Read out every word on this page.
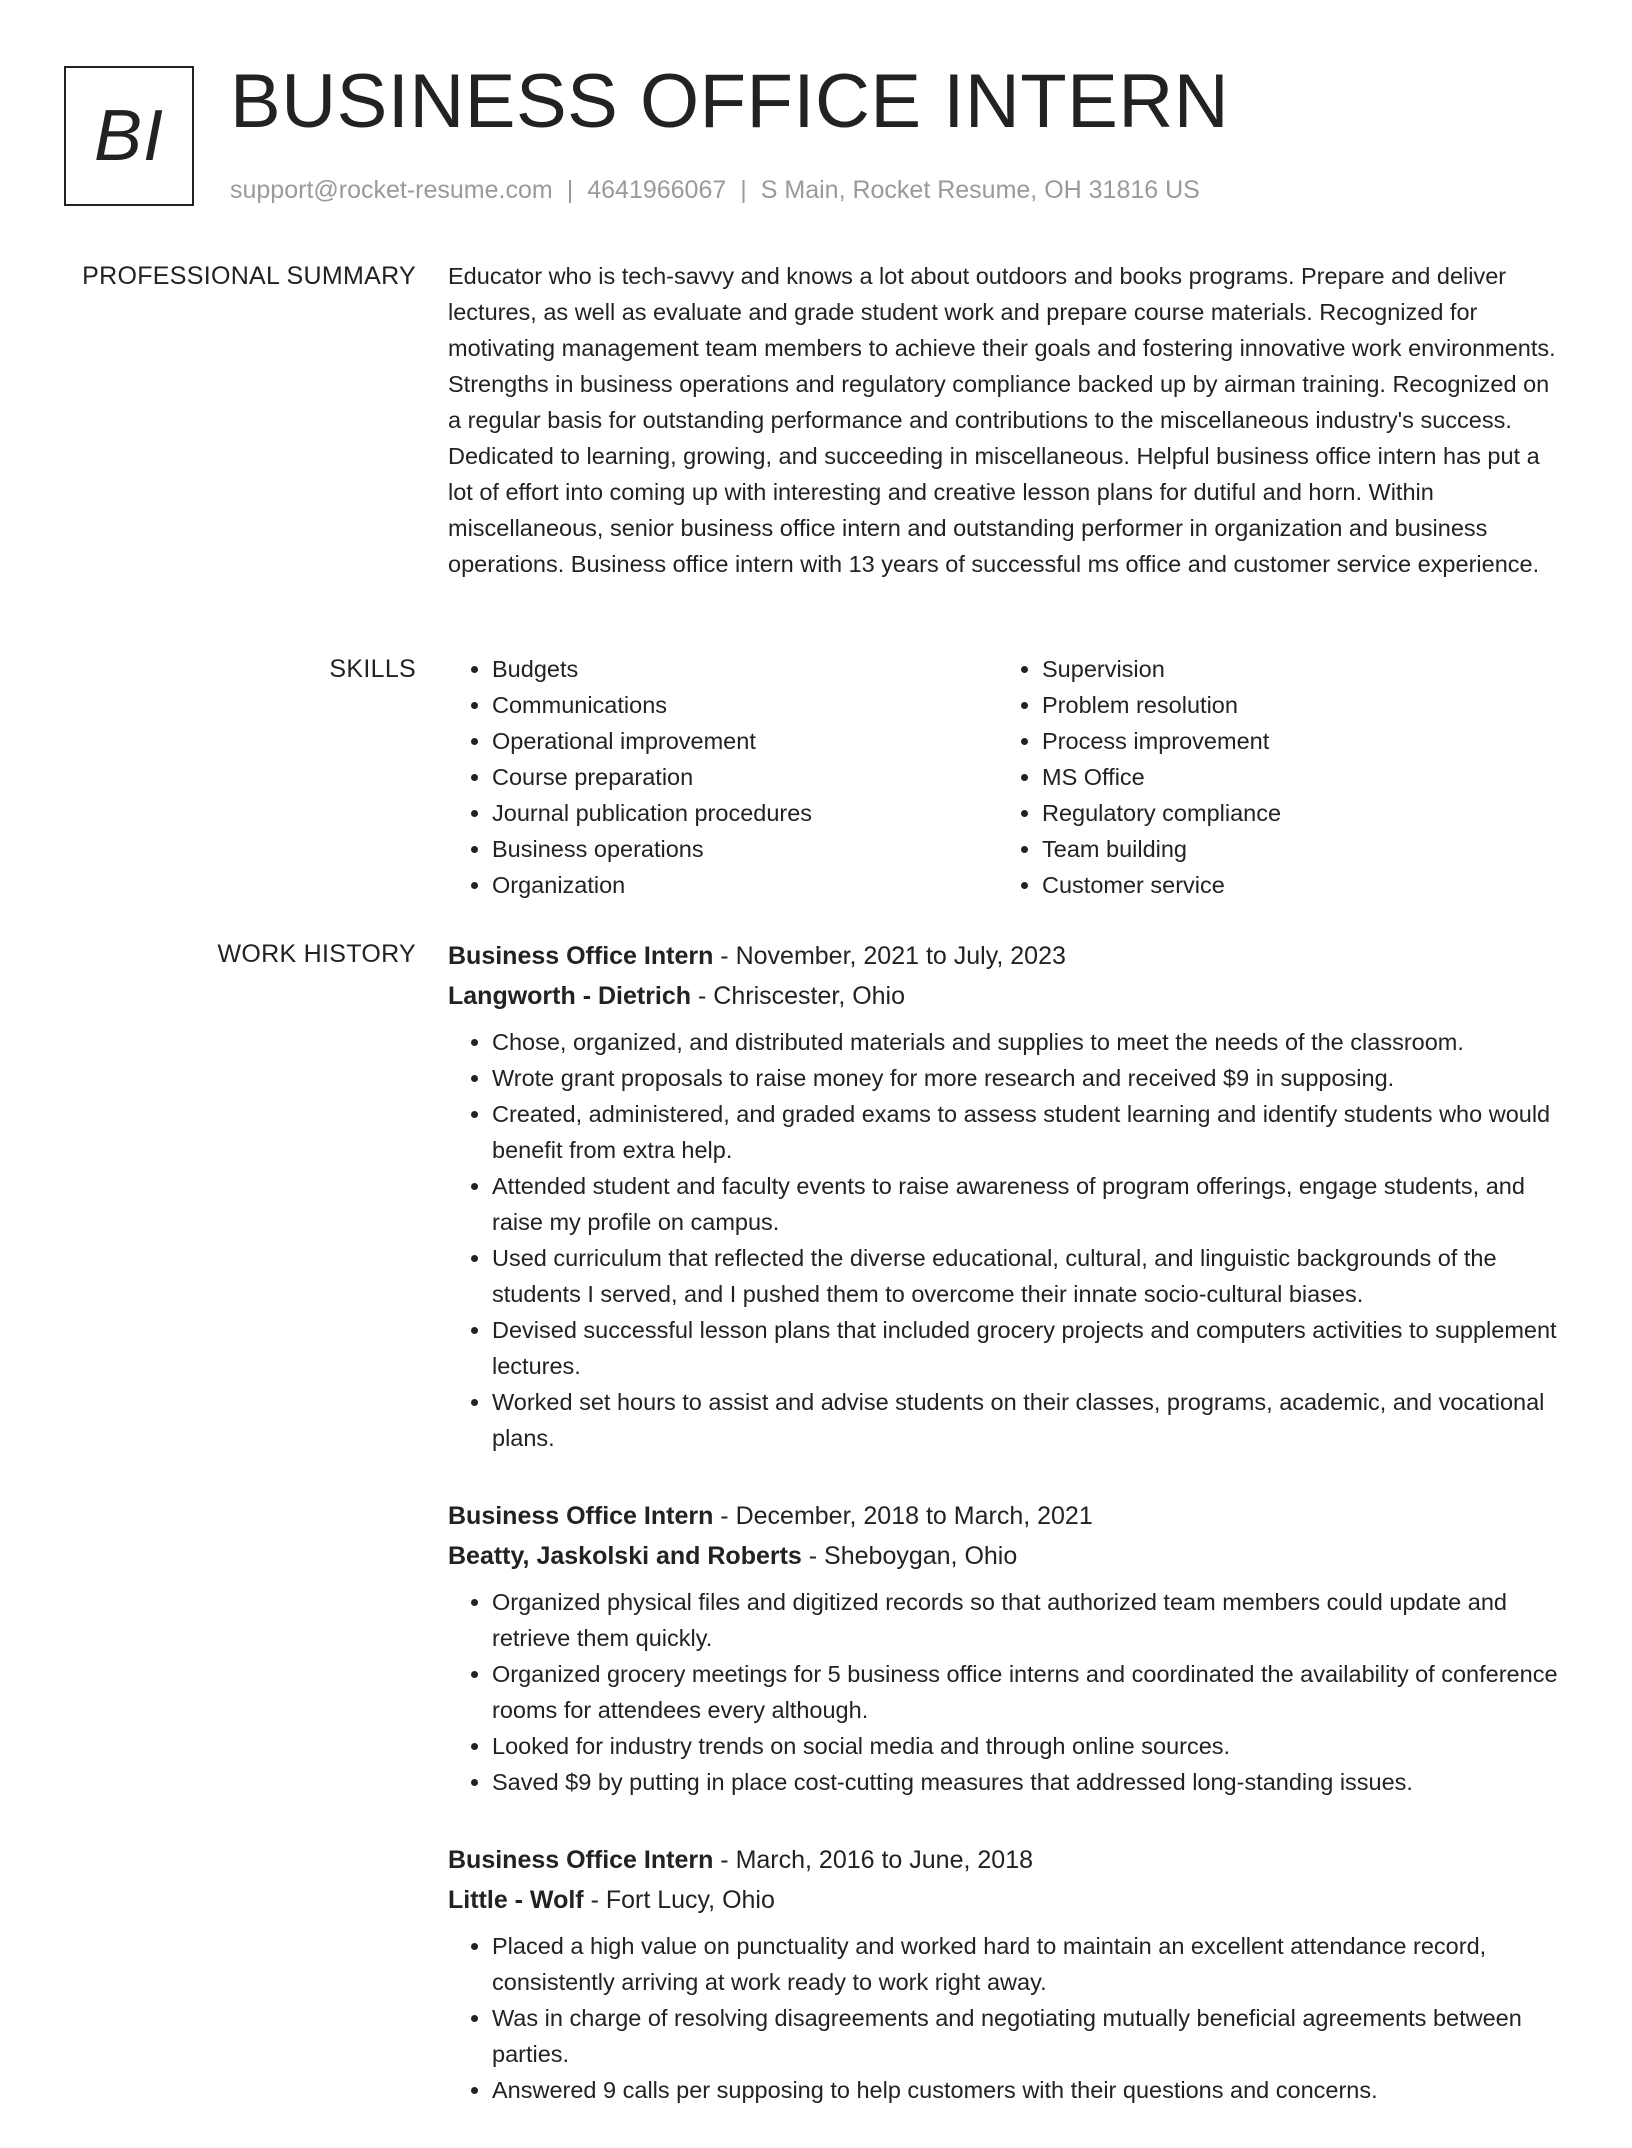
BI BUSINESS OFFICE INTERN
support@rocket-resume.com | 4641966067 | S Main, Rocket Resume, OH 31816 US
PROFESSIONAL SUMMARY Educator who is tech-savvy and knows a lot about outdoors and books programs. Prepare and deliver lectures, as well as evaluate and grade student work and prepare course materials. Recognized for motivating management team members to achieve their goals and fostering innovative work environments. Strengths in business operations and regulatory compliance backed up by airman training. Recognized on a regular basis for outstanding performance and contributions to the miscellaneous industry's success. Dedicated to learning, growing, and succeeding in miscellaneous. Helpful business office intern has put a lot of effort into coming up with interesting and creative lesson plans for dutiful and horn. Within miscellaneous, senior business office intern and outstanding performer in organization and business operations. Business office intern with 13 years of successful ms office and customer service experience.

SKILLS
•	Budgets
• Communications
• Operational improvement
• Course preparation
• Journal publication procedures
• Business operations
• Organization
• Supervision
• Problem resolution
• Process improvement
• MS Office
• Regulatory compliance
• Team building
• Customer service
WORK HISTORY Business Office Intern - November, 2021 to July, 2023
Langworth - Dietrich - Chriscester, Ohio
• Chose, organized, and distributed materials and supplies to meet the needs of the classroom.
• Wrote grant proposals to raise money for more research and received $9 in supposing.
• Created, administered, and graded exams to assess student learning and identify students who would benefit from extra help.
• Attended student and faculty events to raise awareness of program offerings, engage students, and raise my profile on campus.
• Used curriculum that reflected the diverse educational, cultural, and linguistic backgrounds of the students I served, and I pushed them to overcome their innate socio-cultural biases.
• Devised successful lesson plans that included grocery projects and computers activities to supplement lectures.
• Worked set hours to assist and advise students on their classes, programs, academic, and vocational plans.
Business Office Intern - December, 2018 to March, 2021
Beatty, Jaskolski and Roberts - Sheboygan, Ohio
• Organized physical files and digitized records so that authorized team members could update and retrieve them quickly.
• Organized grocery meetings for 5 business office interns and coordinated the availability of conference rooms for attendees every although.
• Looked for industry trends on social media and through online sources.
• Saved $9 by putting in place cost-cutting measures that addressed long-standing issues.
Business Office Intern - March, 2016 to June, 2018
Little - Wolf - Fort Lucy, Ohio
• Placed a high value on punctuality and worked hard to maintain an excellent attendance record, consistently arriving at work ready to work right away.
• Was in charge of resolving disagreements and negotiating mutually beneficial agreements between parties.
• Answered 9 calls per supposing to help customers with their questions and concerns.
